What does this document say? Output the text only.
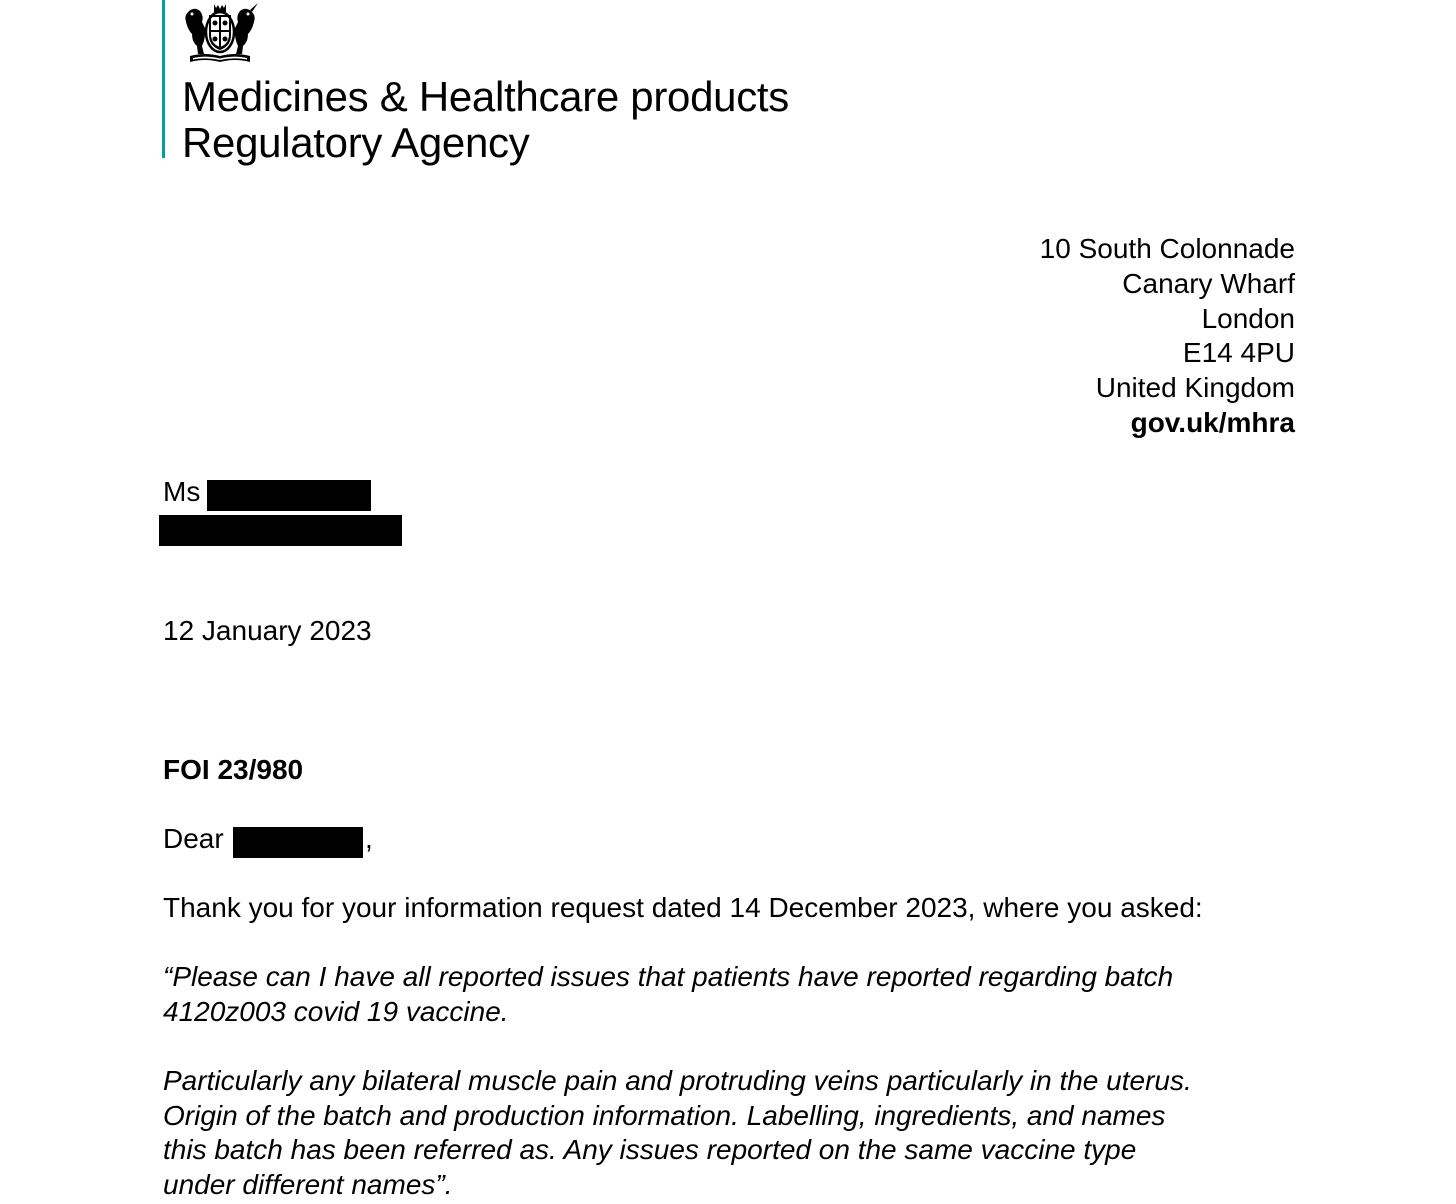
Medicines & Healthcare products
Regulatory Agency
10 South Colonnade
Canary Wharf
London
E14 4PU
United Kingdom
gov.uk/mhra
Ms
12 January 2023
FOI 23/980
Dear	,
Thank you for your information request dated 14 December 2023, where you asked:
“Please can I have all reported issues that patients have reported regarding batch
4120z003 covid 19 vaccine.
Particularly any bilateral muscle pain and protruding veins particularly in the uterus.
Origin of the batch and production information. Labelling, ingredients, and names
this batch has been referred as. Any issues reported on the same vaccine type
under different names”.
